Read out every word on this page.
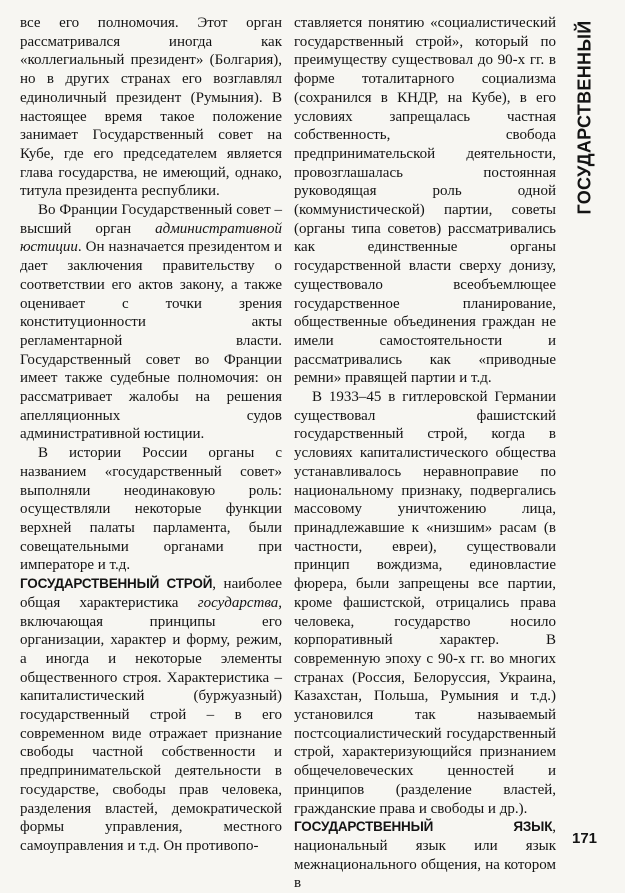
все его полномочия. Этот орган рассматривался иногда как «коллегиальный президент» (Болгария), но в других странах его возглавлял единоличный президент (Румыния). В настоящее время такое положение занимает Государственный совет на Кубе, где его председателем является глава государства, не имеющий, однако, титула президента республики.

Во Франции Государственный совет – высший орган административной юстиции. Он назначается президентом и дает заключения правительству о соответствии его актов закону, а также оценивает с точки зрения конституционности акты регламентарной власти. Государственный совет во Франции имеет также судебные полномочия: он рассматривает жалобы на решения апелляционных судов административной юстиции.

В истории России органы с названием «государственный совет» выполняли неодинаковую роль: осуществляли некоторые функции верхней палаты парламента, были совещательными органами при императоре и т.д.

ГОСУДАРСТВЕННЫЙ СТРОЙ, наиболее общая характеристика государства, включающая принципы его организации, характер и форму, режим, а иногда и некоторые элементы общественного строя. Характеристика – капиталистический (буржуазный) государственный строй – в его современном виде отражает признание свободы частной собственности и предпринимательской деятельности в государстве, свободы прав человека, разделения властей, демократической формы управления, местного самоуправления и т.д. Он противопо-

ставляется понятию «социалистический государственный строй», который по преимуществу существовал до 90-х гг. в форме тоталитарного социализма (сохранился в КНДР, на Кубе), в его условиях запрещалась частная собственность, свобода предпринимательской деятельности, провозглашалась постоянная руководящая роль одной (коммунистической) партии, советы (органы типа советов) рассматривались как единственные органы государственной власти сверху донизу, существовало всеобъемлющее государственное планирование, общественные объединения граждан не имели самостоятельности и рассматривались как «приводные ремни» правящей партии и т.д.

В 1933–45 в гитлеровской Германии существовал фашистский государственный строй, когда в условиях капиталистического общества устанавливалось неравноправие по национальному признаку, подвергались массовому уничтожению лица, принадлежавшие к «низшим» расам (в частности, евреи), существовали принцип вождизма, единовластие фюрера, были запрещены все партии, кроме фашистской, отрицались права человека, государство носило корпоративный характер. В современную эпоху с 90-х гг. во многих странах (Россия, Белоруссия, Украина, Казахстан, Польша, Румыния и т.д.) установился так называемый постсоциалистический государственный строй, характеризующийся признанием общечеловеческих ценностей и принципов (разделение властей, гражданские права и свободы и др.).

ГОСУДАРСТВЕННЫЙ ЯЗЫК, национальный язык или язык межнационального общения, на котором в

ГОСУДАРСТВЕННЫЙ
171
